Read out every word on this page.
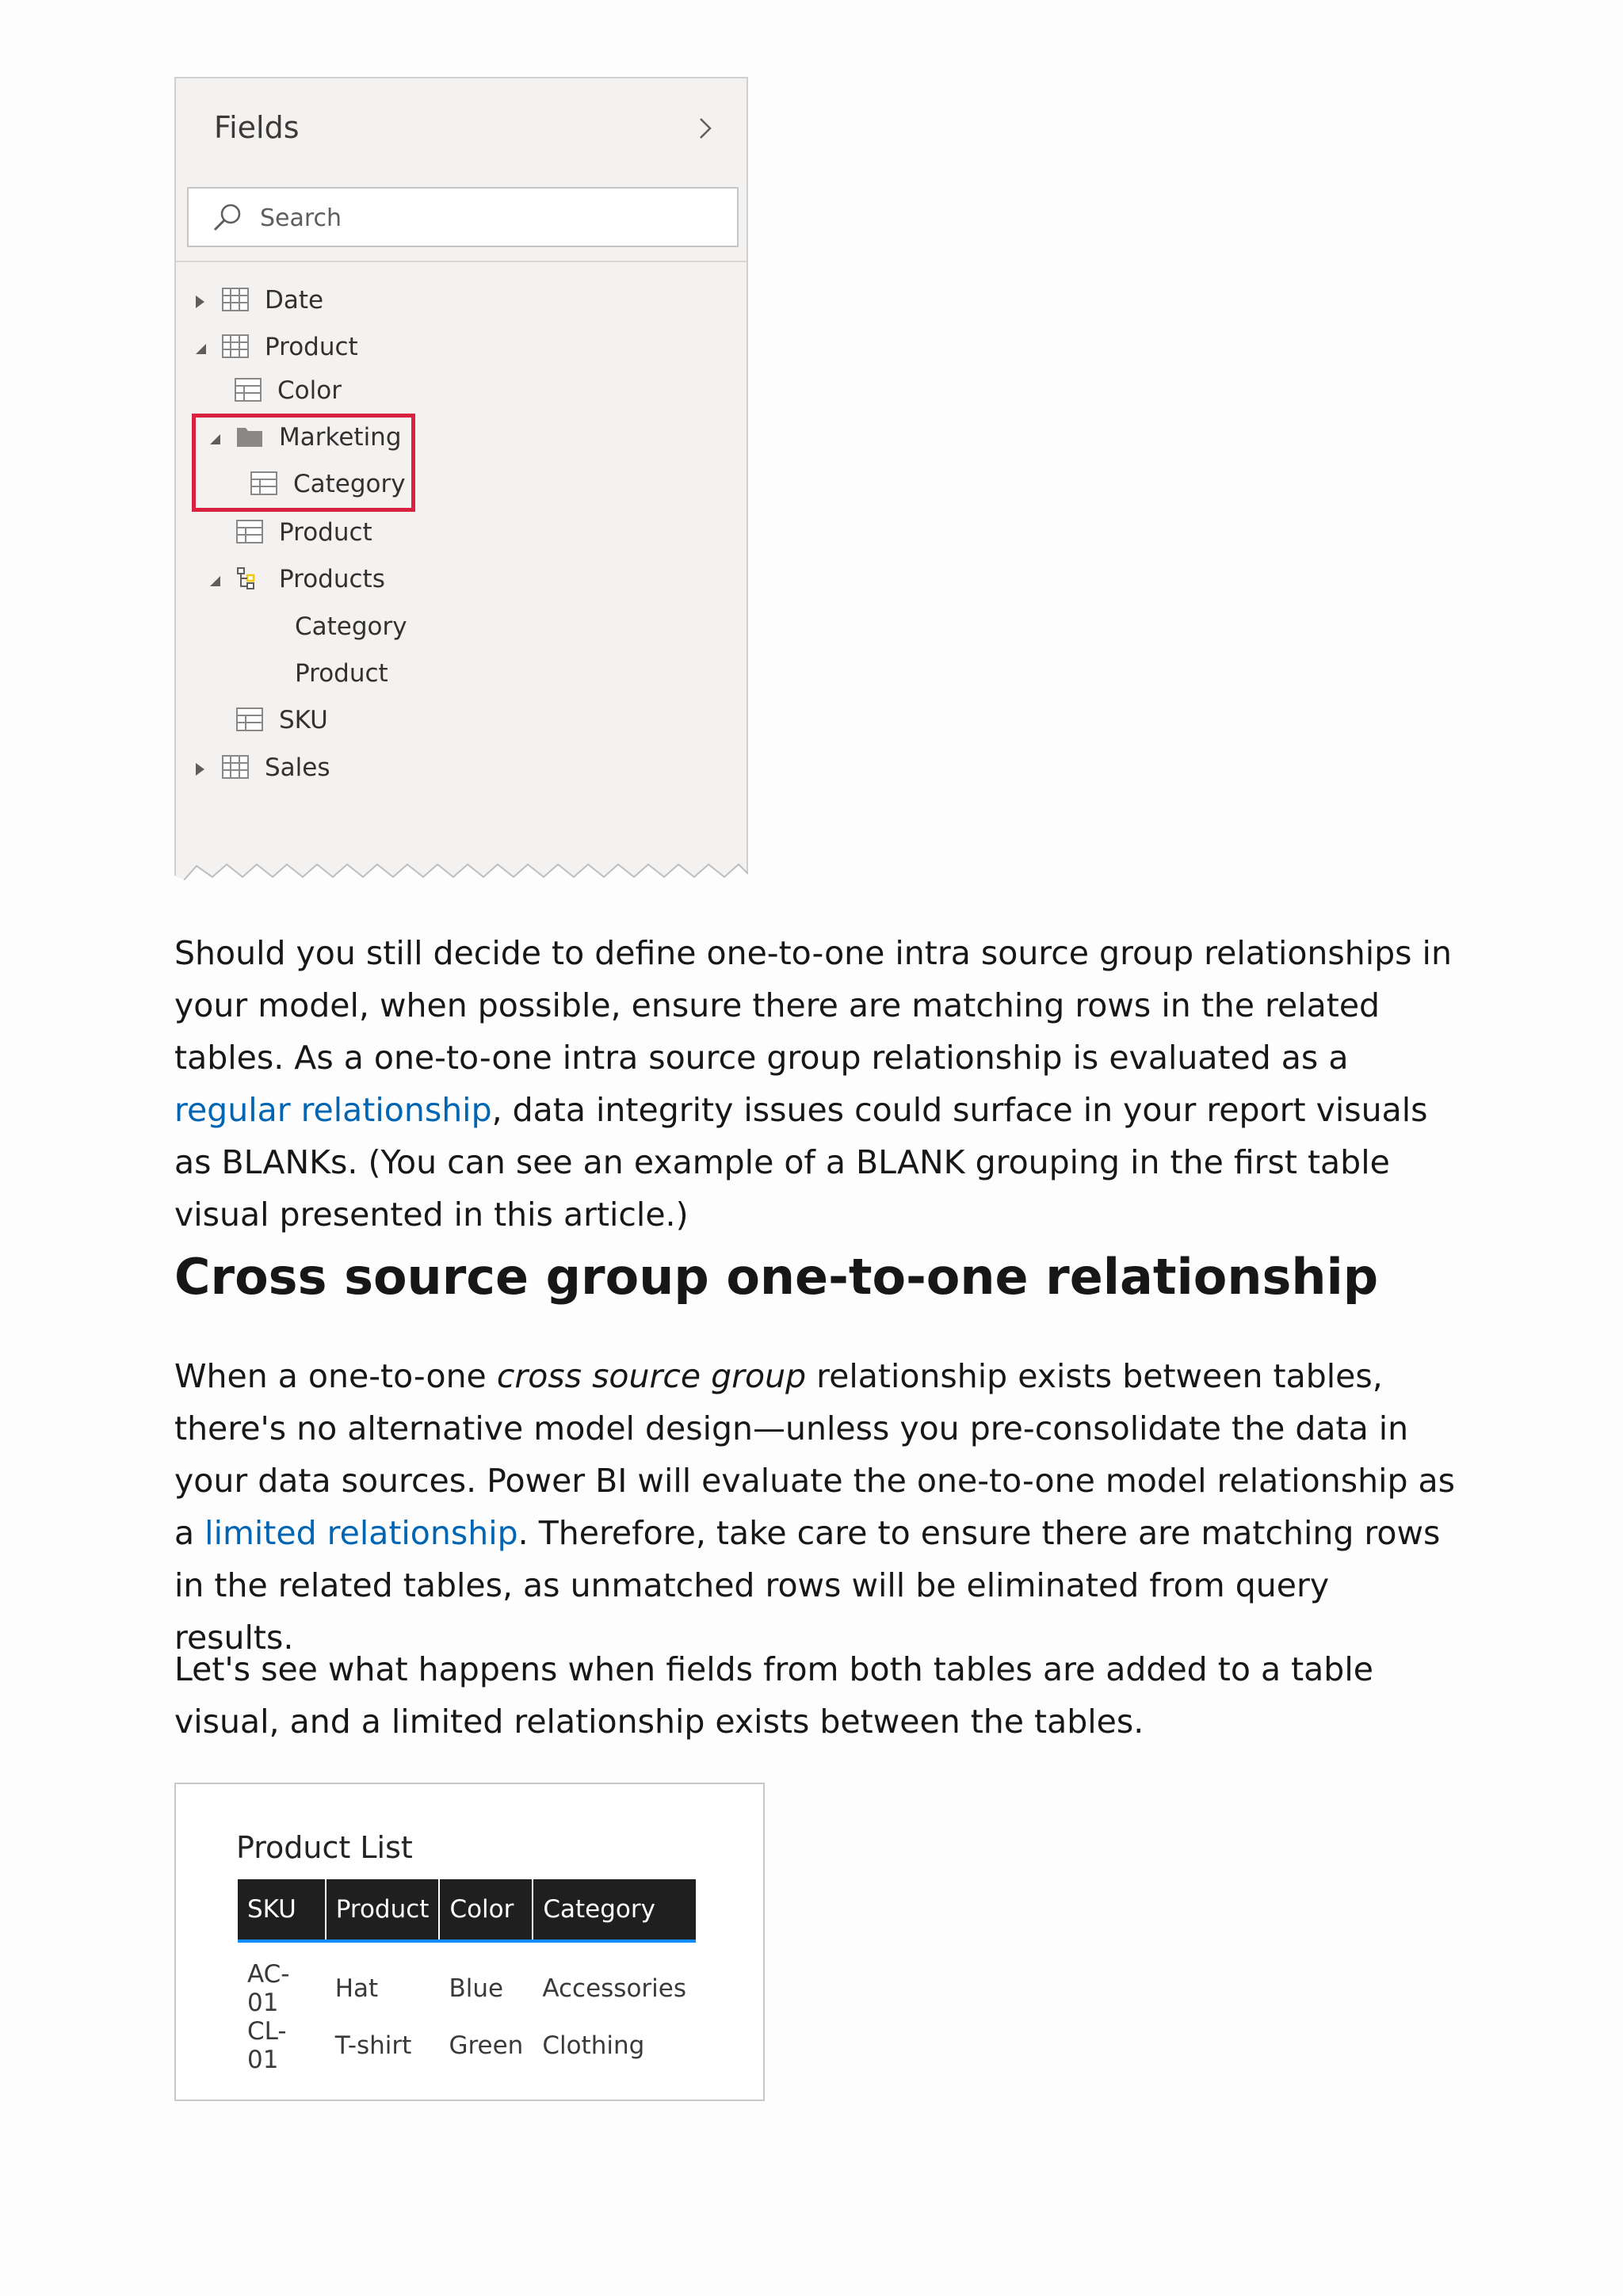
Fields
Search
Date
Product
Color
Marketing
Category
Product
Products
Category
Product
SKU
Sales

Should you still decide to define one-to-one intra source group relationships in your model, when possible, ensure there are matching rows in the related tables. As a one-to-one intra source group relationship is evaluated as a regular relationship, data integrity issues could surface in your report visuals as BLANKs. (You can see an example of a BLANK grouping in the first table visual presented in this article.)

Cross source group one-to-one relationship

When a one-to-one cross source group relationship exists between tables, there's no alternative model design—unless you pre-consolidate the data in your data sources. Power BI will evaluate the one-to-one model relationship as a limited relationship. Therefore, take care to ensure there are matching rows in the related tables, as unmatched rows will be eliminated from query results.

Let's see what happens when fields from both tables are added to a table visual, and a limited relationship exists between the tables.

Product List
SKU	Product	Color	Category
AC-01	Hat	Blue	Accessories
CL-01	T-shirt	Green	Clothing
